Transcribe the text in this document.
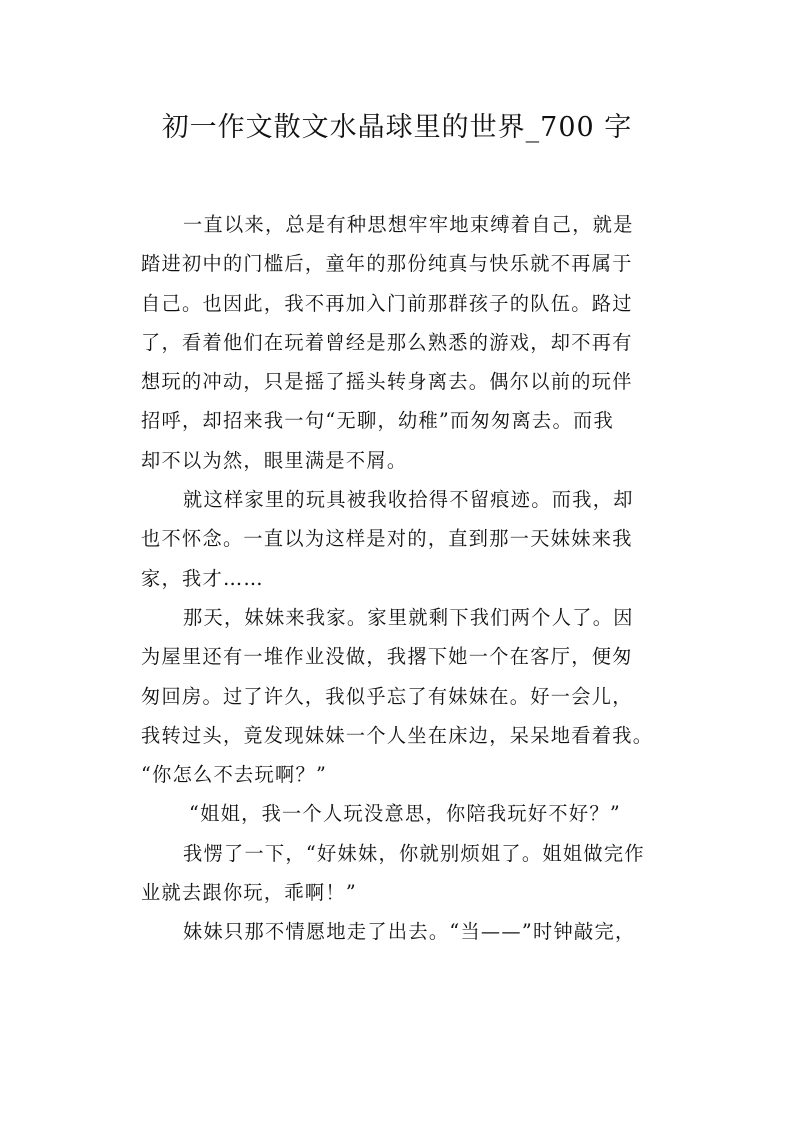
初一作文散文水晶球里的世界_700 字

一直以来，总是有种思想牢牢地束缚着自己，就是

踏进初中的门槛后，童年的那份纯真与快乐就不再属于

自己。也因此，我不再加入门前那群孩子的队伍。路过

了，看着他们在玩着曾经是那么熟悉的游戏，却不再有

想玩的冲动，只是摇了摇头转身离去。偶尔以前的玩伴

招呼，却招来我一句“无聊，幼稚”而匆匆离去。而我

却不以为然，眼里满是不屑。

就这样家里的玩具被我收拾得不留痕迹。而我，却

也不怀念。一直以为这样是对的，直到那一天妹妹来我

家，我才……

那天，妹妹来我家。家里就剩下我们两个人了。因

为屋里还有一堆作业没做，我撂下她一个在客厅，便匆

匆回房。过了许久，我似乎忘了有妹妹在。好一会儿，

我转过头，竟发现妹妹一个人坐在床边，呆呆地看着我。

“你怎么不去玩啊？”

“姐姐，我一个人玩没意思，你陪我玩好不好？”

我愣了一下，“好妹妹，你就别烦姐了。姐姐做完作

业就去跟你玩，乖啊！”

妹妹只那不情愿地走了出去。“当——”时钟敲完，
